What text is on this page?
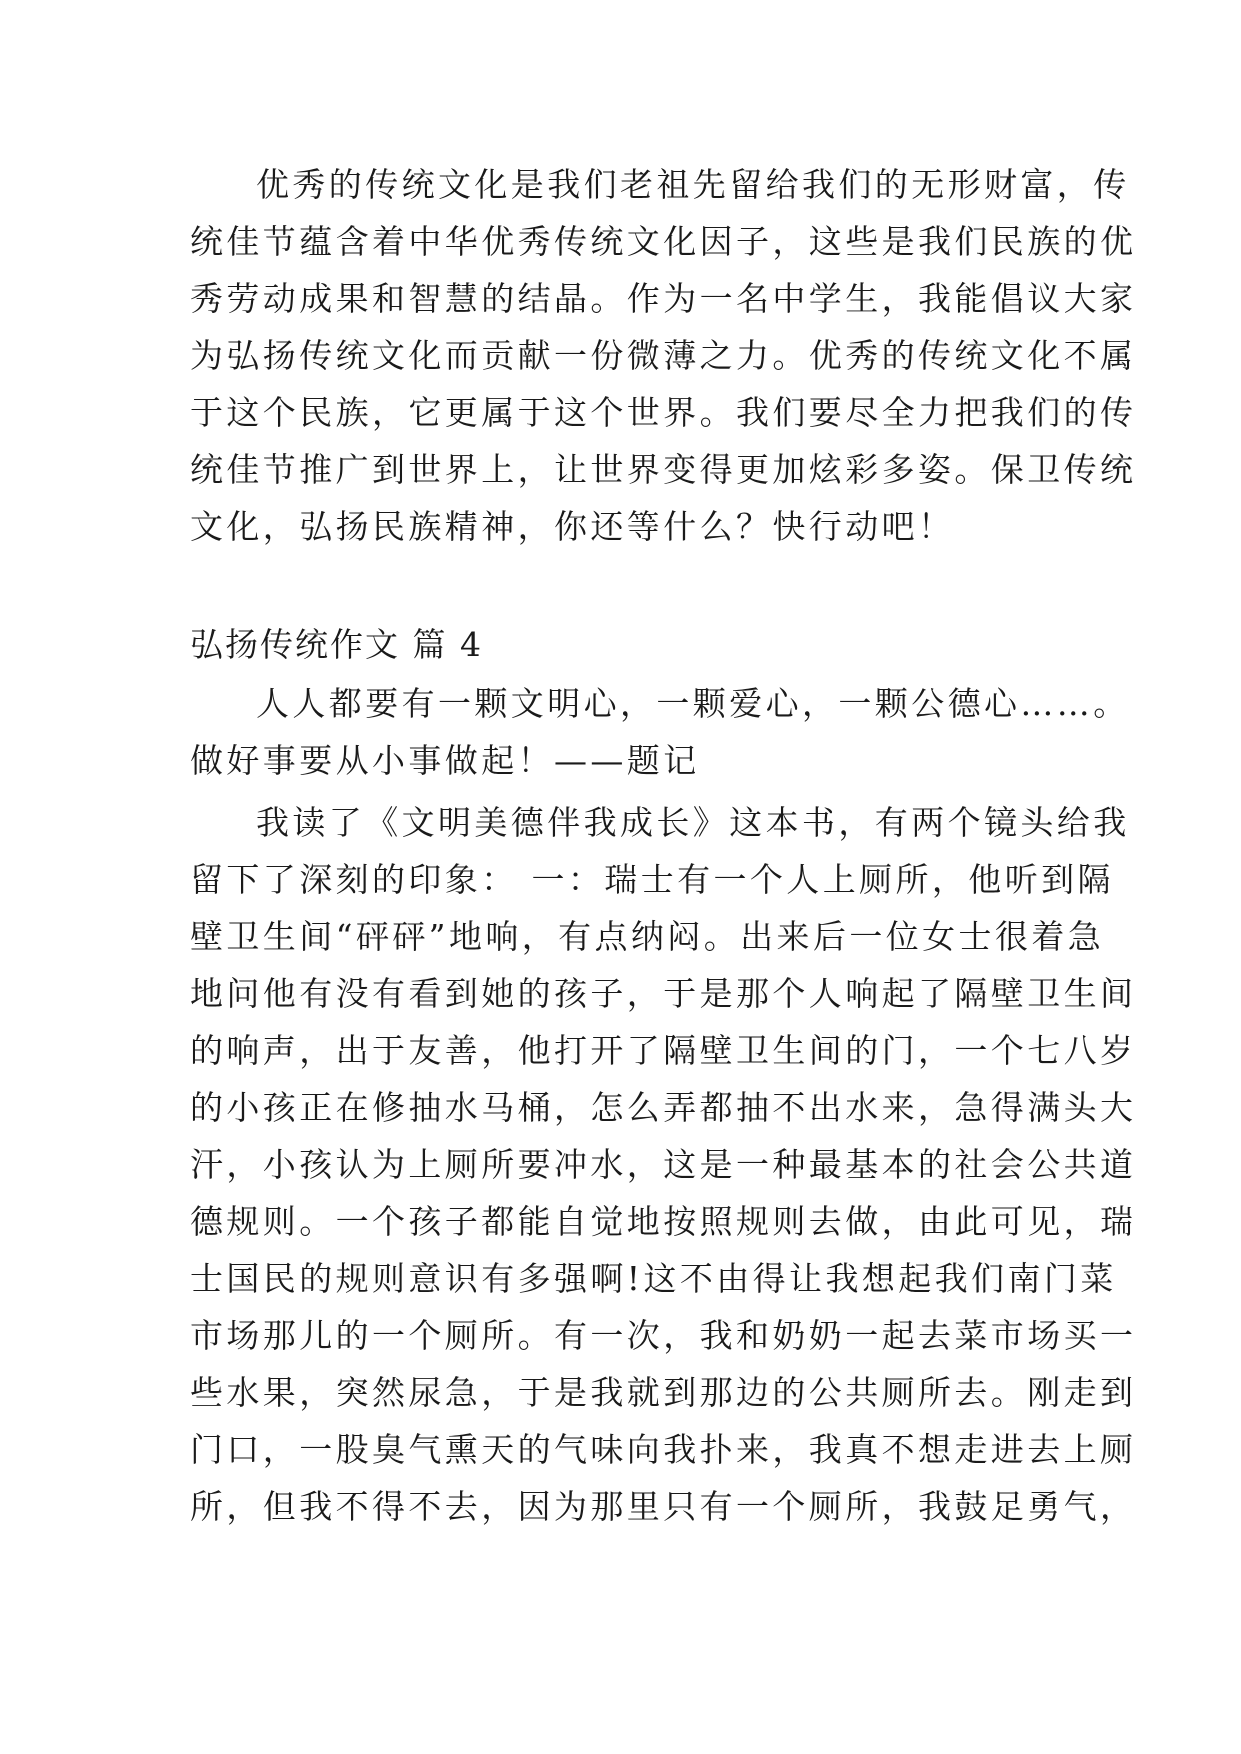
优秀的传统文化是我们老祖先留给我们的无形财富，传
统佳节蕴含着中华优秀传统文化因子，这些是我们民族的优
秀劳动成果和智慧的结晶。作为一名中学生，我能倡议大家
为弘扬传统文化而贡献一份微薄之力。优秀的传统文化不属
于这个民族，它更属于这个世界。我们要尽全力把我们的传
统佳节推广到世界上，让世界变得更加炫彩多姿。保卫传统
文化，弘扬民族精神，你还等什么？快行动吧！
弘扬传统作文 篇 4
人人都要有一颗文明心，一颗爱心，一颗公德心……。
做好事要从小事做起！——题记
我读了《文明美德伴我成长》这本书，有两个镜头给我
留下了深刻的印象： 一：瑞士有一个人上厕所，他听到隔
壁卫生间“砰砰”地响，有点纳闷。出来后一位女士很着急
地问他有没有看到她的孩子，于是那个人响起了隔壁卫生间
的响声，出于友善，他打开了隔壁卫生间的门，一个七八岁
的小孩正在修抽水马桶，怎么弄都抽不出水来，急得满头大
汗，小孩认为上厕所要冲水，这是一种最基本的社会公共道
德规则。一个孩子都能自觉地按照规则去做，由此可见，瑞
士国民的规则意识有多强啊!这不由得让我想起我们南门菜
市场那儿的一个厕所。有一次，我和奶奶一起去菜市场买一
些水果，突然尿急，于是我就到那边的公共厕所去。刚走到
门口，一股臭气熏天的气味向我扑来，我真不想走进去上厕
所，但我不得不去，因为那里只有一个厕所，我鼓足勇气，
